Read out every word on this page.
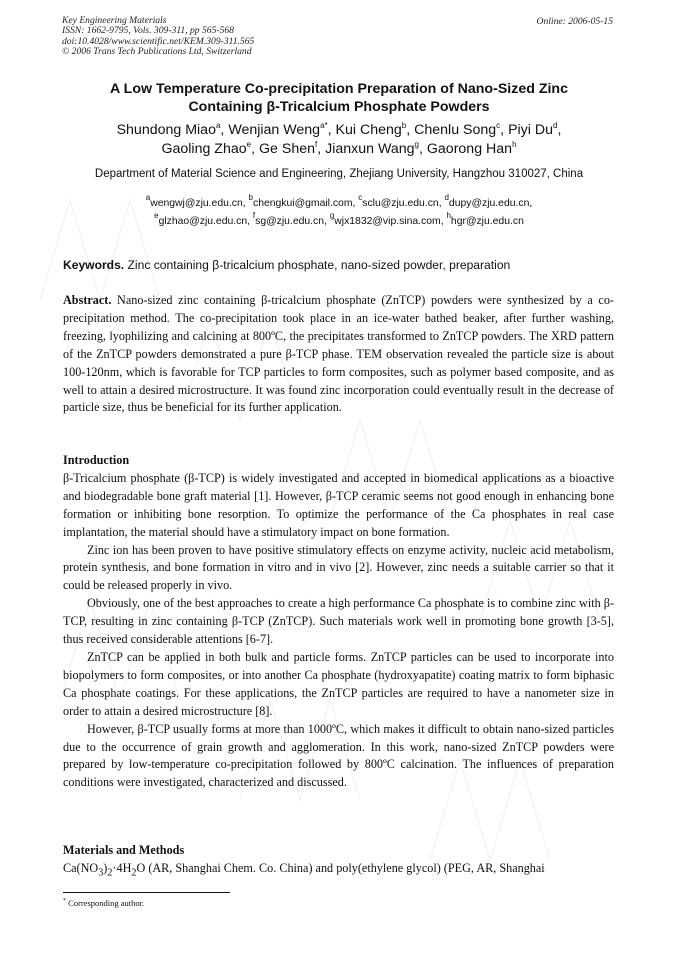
Key Engineering Materials
ISSN: 1662-9795, Vols. 309-311, pp 565-568
doi:10.4028/www.scientific.net/KEM.309-311.565
© 2006 Trans Tech Publications Ltd, Switzerland
Online: 2006-05-15
A Low Temperature Co-precipitation Preparation of Nano-Sized Zinc
Containing β-Tricalcium Phosphate Powders
Shundong Miao$^a$, Wenjian Weng$^{a*}$, Kui Cheng$^b$, Chenlu Song$^c$, Piyi Du$^d$,
Gaoling Zhao$^e$, Ge Shen$^f$, Jianxun Wang$^g$, Gaorong Han$^h$
Department of Material Science and Engineering, Zhejiang University, Hangzhou 310027, China
$^a$wengwj@zju.edu.cn, $^b$chengkui@gmail.com, $^c$sclu@zju.edu.cn, $^d$dupy@zju.edu.cn,
$^e$glzhao@zju.edu.cn, $^f$sg@zju.edu.cn, $^g$wjx1832@vip.sina.com, $^h$hgr@zju.edu.cn
Keywords. Zinc containing β-tricalcium phosphate, nano-sized powder, preparation

Abstract. Nano-sized zinc containing β-tricalcium phosphate (ZnTCP) powders were synthesized by a co-precipitation method. The co-precipitation took place in an ice-water bathed beaker, after further washing, freezing, lyophilizing and calcining at 800ºC, the precipitates transformed to ZnTCP powders. The XRD pattern of the ZnTCP powders demonstrated a pure β-TCP phase. TEM observation revealed the particle size is about 100-120nm, which is favorable for TCP particles to form composites, such as polymer based composite, and as well to attain a desired microstructure. It was found zinc incorporation could eventually result in the decrease of particle size, thus be beneficial for its further application.

Introduction

β-Tricalcium phosphate (β-TCP) is widely investigated and accepted in biomedical applications as a bioactive and biodegradable bone graft material [1]. However, β-TCP ceramic seems not good enough in enhancing bone formation or inhibiting bone resorption. To optimize the performance of the Ca phosphates in real case implantation, the material should have a stimulatory impact on bone formation.

Zinc ion has been proven to have positive stimulatory effects on enzyme activity, nucleic acid metabolism, protein synthesis, and bone formation in vitro and in vivo [2]. However, zinc needs a suitable carrier so that it could be released properly in vivo.

Obviously, one of the best approaches to create a high performance Ca phosphate is to combine zinc with β-TCP, resulting in zinc containing β-TCP (ZnTCP). Such materials work well in promoting bone growth [3-5], thus received considerable attentions [6-7].

ZnTCP can be applied in both bulk and particle forms. ZnTCP particles can be used to incorporate into biopolymers to form composites, or into another Ca phosphate (hydroxyapatite) coating matrix to form biphasic Ca phosphate coatings. For these applications, the ZnTCP particles are required to have a nanometer size in order to attain a desired microstructure [8].

However, β-TCP usually forms at more than 1000ºC, which makes it difficult to obtain nano-sized particles due to the occurrence of grain growth and agglomeration. In this work, nano-sized ZnTCP powders were prepared by low-temperature co-precipitation followed by 800ºC calcination. The influences of preparation conditions were investigated, characterized and discussed.

Materials and Methods

$Ca(NO_3)_2\cdot 4H_2O$ (AR, Shanghai Chem. Co. China) and poly(ethylene glycol) (PEG, AR, Shanghai

* Corresponding author.
